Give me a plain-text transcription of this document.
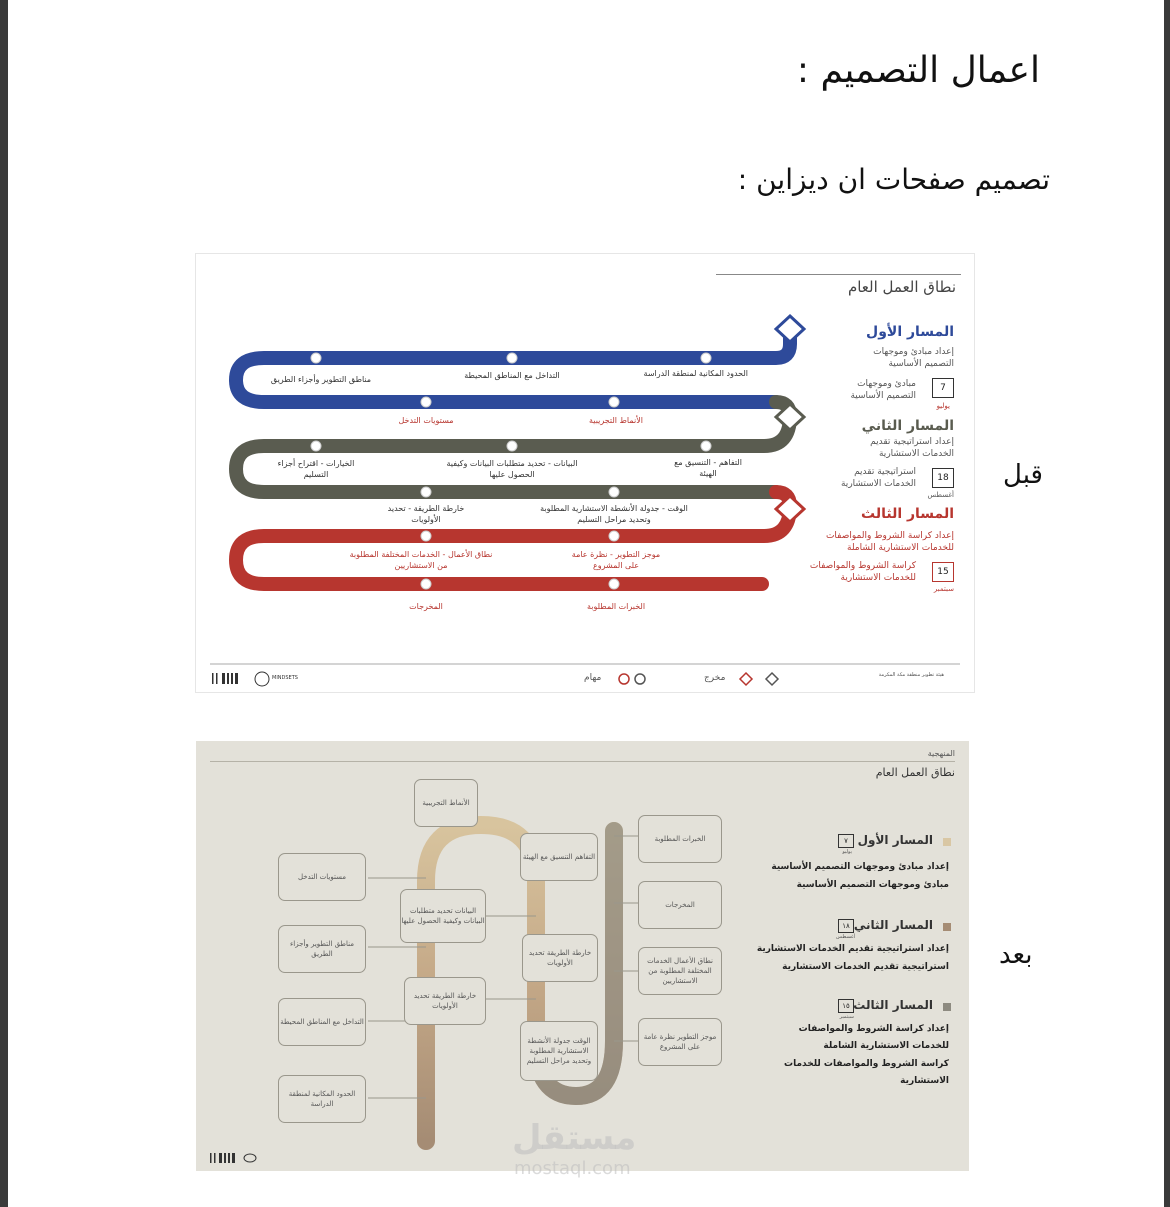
اعمال التصميم :
تصميم صفحات ان ديزاين :
قبل
بعد
نطاق العمل العام
الحدود المكانية لمنطقة الدراسة
التداخل مع المناطق المحيطة
مناطق التطوير وأجزاء الطريق
الأنماط التجريبية
مستويات التدخل
التفاهم - التنسيق مع الهيئة
البيانات - تحديد متطلبات البيانات وكيفية الحصول عليها
الخيارات - اقتراح أجزاء التسليم
الوقت - جدولة الأنشطة الاستشارية المطلوبة وتحديد مراحل التسليم
خارطة الطريقة - تحديد الأولويات
موجز التطوير - نظرة عامة على المشروع
نطاق الأعمال - الخدمات المختلفة المطلوبة من الاستشاريين
الخبرات المطلوبة
المخرجات
المسار الأول
إعداد مبادئ وموجهات
التصميم الأساسية
7
مبادئ وموجهات
التصميم الأساسية
يوليو
المسار الثاني
إعداد استراتيجية تقديم
الخدمات الاستشارية
18
استراتيجية تقديم
الخدمات الاستشارية
أغسطس
المسار الثالث
إعداد كراسة الشروط والمواصفات
للخدمات الاستشارية الشاملة
15
كراسة الشروط والمواصفات
للخدمات الاستشارية
سبتمبر
مهام	مخرج
MINDSETS	هيئة تطوير منطقة مكة المكرمة
المنهجية
نطاق العمل العام
الأنماط التجريبية
مستويات التدخل
مناطق التطوير وأجزاء الطريق
التداخل مع المناطق المحيطة
الحدود المكانية لمنطقة الدراسة
البيانات تحديد متطلبات البيانات وكيفية الحصول عليها
خارطة الطريقة تحديد الأولويات
التفاهم التنسيق مع الهيئة
خارطة الطريقة تحديد الأولويات
الوقت جدولة الأنشطة الاستشارية المطلوبة وتحديد مراحل التسليم
الخبرات المطلوبة
المخرجات
نطاق الأعمال الخدمات المختلفة المطلوبة من الاستشاريين
موجز التطوير نظرة عامة على المشروع
المسار الأول
٧
يوليو
إعداد مبادئ وموجهات التصميم الأساسية
مبادئ وموجهات التصميم الأساسية
المسار الثاني
١٨
أغسطس
إعداد استراتيجية تقديم الخدمات الاستشارية
استراتيجية تقديم الخدمات الاستشارية
المسار الثالث
١٥
سبتمبر
إعداد كراسة الشروط والمواصفات للخدمات الاستشارية الشاملة
كراسة الشروط والمواصفات للخدمات الاستشارية
مستقل
mostaql.com
